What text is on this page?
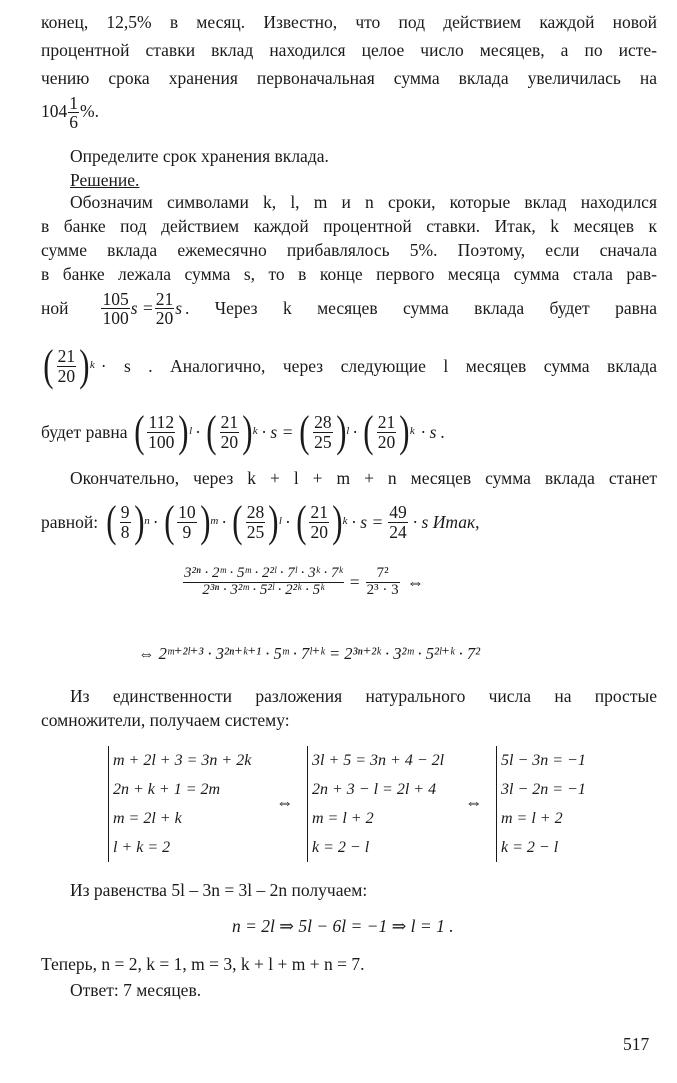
конец, 12,5% в месяц. Известно, что под действием каждой новой
процентной ставки вклад находился целое число месяцев, а по исте-
чению срока хранения первоначальная сумма вклада увеличилась на
$104 \frac{1}{6}$ %.
Определите срок хранения вклада.
Решение.
Обозначим символами k, l, m и n сроки, которые вклад находился
в банке под действием каждой процентной ставки. Итак, k месяцев к
сумме вклада ежемесячно прибавлялось 5%. Поэтому, если сначала
в банке лежала сумма s, то в конце первого месяца сумма стала рав-
ной $\frac{105}{100}$ $s = \frac{21}{20}$ s . Через k месяцев сумма вклада будет равна
( $\frac{21}{20}$ ) k · s . Аналогично, через следующие l месяцев сумма вклада
будет равна ( $\frac{112}{100}$ ) l · ( $\frac{21}{20}$ ) k · s = ( $\frac{28}{25}$ ) l · ( $\frac{21}{20}$ ) k · s .
Окончательно, через k + l + m + n месяцев сумма вклада станет
равной: ( $\frac{9}{8}$ ) n · ( $\frac{10}{9}$ ) m · ( $\frac{28}{25}$ ) l · ( $\frac{21}{20}$ ) $k \cdot s = \frac{49}{24} \cdot s$ Итак,
$\frac{\text{3²ⁿ · 2ᵐ · 5ᵐ · 2²ˡ · 7ˡ · 3ᵏ · 7ᵏ}}{\text{2³ⁿ · 3²ᵐ · 5²ˡ · 2²ᵏ · 5ᵏ}} = \frac{\text{7²}}{\text{2³ · 3}}$ ⇔
⇔ 2ᵐ⁺²ˡ⁺³ · 3²ⁿ⁺ᵏ⁺¹ · 5ᵐ · 7ˡ⁺ᵏ = 2³ⁿ⁺²ᵏ · 3²ᵐ · 5²ˡ⁺ᵏ · 7²
Из единственности разложения натурального числа на простые
сомножители, получаем систему:
m + 2l + 3 = 3n + 2k
2n + k + 1 = 2m
m = 2l + k
l + k = 2
⇔
3l + 5 = 3n + 4 − 2l
2n + 3 − l = 2l + 4
m = l + 2
k = 2 − l
⇔
5l − 3n = −1
3l − 2n = −1
m = l + 2
k = 2 − l
Из равенства 5l – 3n = 3l – 2n получаем:
n = 2l ⇒ 5l − 6l = −1 ⇒ l = 1 .
Теперь, n = 2, k = 1, m = 3, k + l + m + n = 7.
Ответ: 7 месяцев.
517
